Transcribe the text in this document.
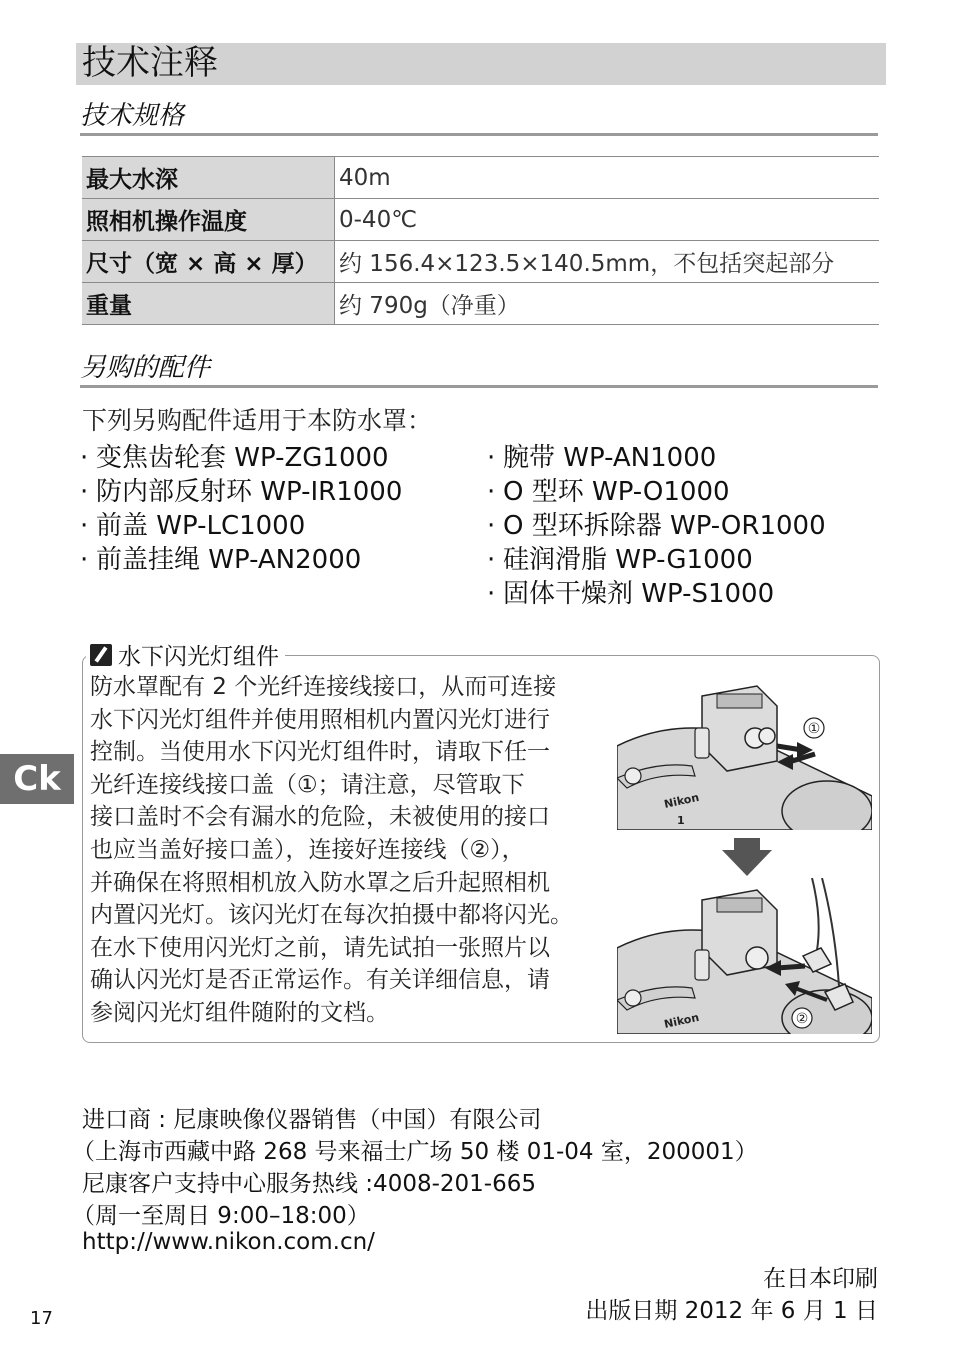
技术注释
技术规格
最大水深	40m
照相机操作温度	0-40℃
尺寸（宽 × 高 × 厚）	约 156.4×123.5×140.5mm，不包括突起部分
重量	约 790g（净重）
另购的配件
下列另购配件适用于本防水罩：
· 变焦齿轮套 WP-ZG1000
· 防内部反射环 WP-IR1000
· 前盖 WP-LC1000
· 前盖挂绳 WP-AN2000
· 腕带 WP-AN1000
· O 型环 WP-O1000
· O 型环拆除器 WP-OR1000
· 硅润滑脂 WP-G1000
· 固体干燥剂 WP-S1000
水下闪光灯组件
防水罩配有 2 个光纤连接线接口，从而可连接
水下闪光灯组件并使用照相机内置闪光灯进行
控制。当使用水下闪光灯组件时，请取下任一
光纤连接线接口盖（①；请注意，尽管取下
接口盖时不会有漏水的危险，未被使用的接口
也应当盖好接口盖），连接好连接线（②），
并确保在将照相机放入防水罩之后升起照相机
内置闪光灯。该闪光灯在每次拍摄中都将闪光。
在水下使用闪光灯之前，请先试拍一张照片以
确认闪光灯是否正常运作。有关详细信息，请
参阅闪光灯组件随附的文档。
①
Nikon
1
②
Nikon
Ck
进口商 : 尼康映像仪器销售（中国）有限公司
（上海市西藏中路 268 号来福士广场 50 楼 01-04 室，200001）
尼康客户支持中心服务热线 :4008-201-665
（周一至周日 9:00–18:00）
http://www.nikon.com.cn/
在日本印刷
出版日期 2012 年 6 月 1 日
17
